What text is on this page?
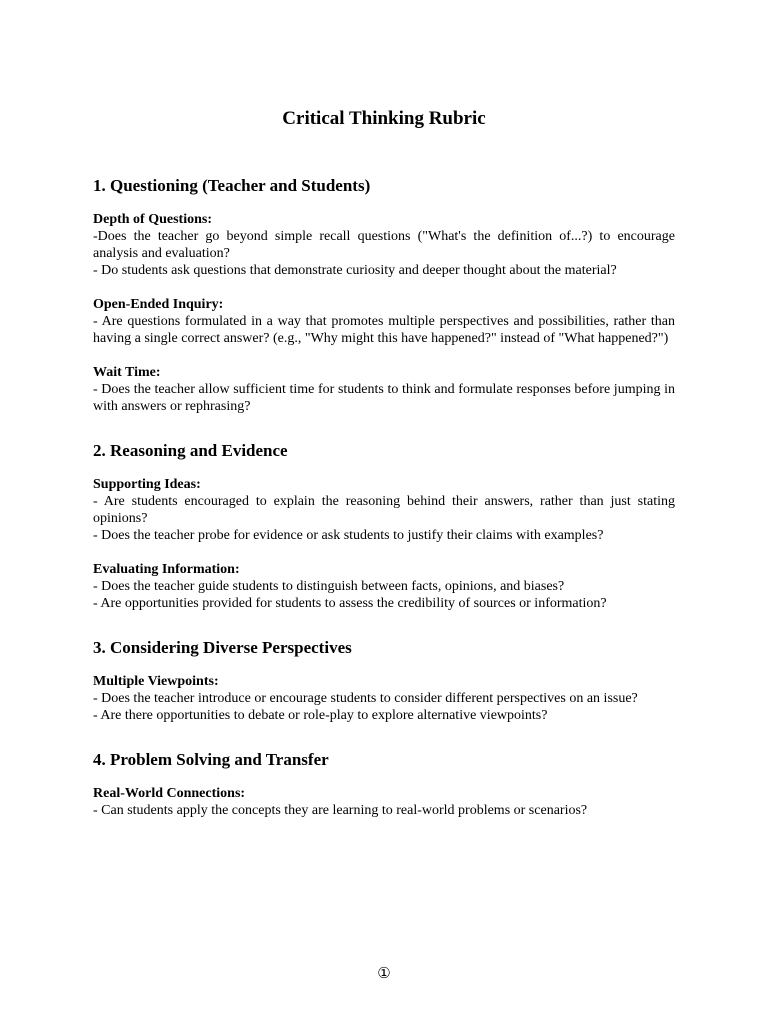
Critical Thinking Rubric
1. Questioning (Teacher and Students)

Depth of Questions:

-Does the teacher go beyond simple recall questions ("What's the definition of...?) to encourage analysis and evaluation?

- Do students ask questions that demonstrate curiosity and deeper thought about the material?

Open-Ended Inquiry:

- Are questions formulated in a way that promotes multiple perspectives and possibilities, rather than having a single correct answer? (e.g., "Why might this have happened?" instead of "What happened?")

Wait Time:

- Does the teacher allow sufficient time for students to think and formulate responses before jumping in with answers or rephrasing?

2. Reasoning and Evidence

Supporting Ideas:

- Are students encouraged to explain the reasoning behind their answers, rather than just stating opinions?

- Does the teacher probe for evidence or ask students to justify their claims with examples?

Evaluating Information:

- Does the teacher guide students to distinguish between facts, opinions, and biases?

- Are opportunities provided for students to assess the credibility of sources or information?

3. Considering Diverse Perspectives

Multiple Viewpoints:

- Does the teacher introduce or encourage students to consider different perspectives on an issue?

- Are there opportunities to debate or role-play to explore alternative viewpoints?

4. Problem Solving and Transfer

Real-World Connections:

- Can students apply the concepts they are learning to real-world problems or scenarios?

①
